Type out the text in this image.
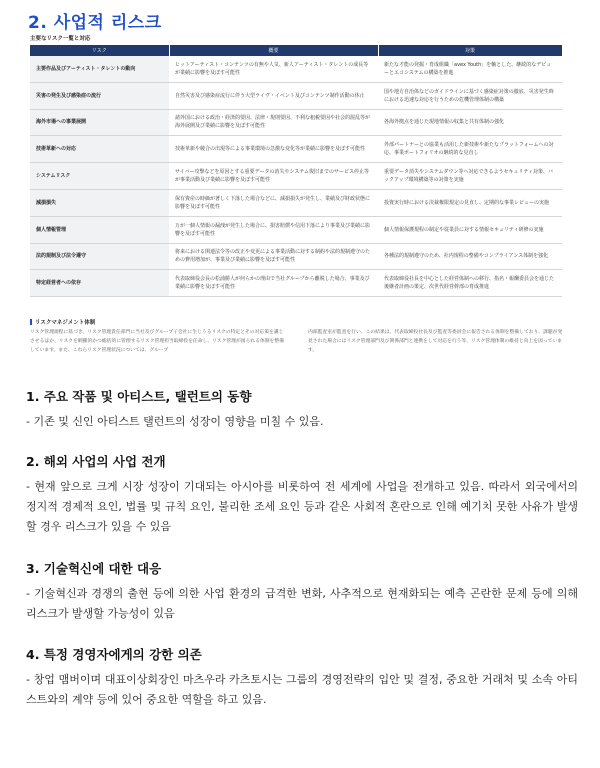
2. 사업적 리스크
主要なリスク一覧と対応
リスク	概要	対策
主要作品及びアーティスト・タレントの動向	ヒットアーティスト・コンテンツの有無や人気、新人アーティスト・タレントの成長等が業績に影響を及ぼす可能性	新たな才能の発掘・育成組織「avex Youth」を軸とした、継続的なデビューとエコシステムの構築を推進
災害の発生及び感染症の流行	自然災害及び感染症流行に伴う大型ライヴ・イベント及びコンテンツ制作活動の休止	国や地方自治体などのガイドラインに基づく感染症対策の徹底、災害発生時における迅速な対応を行うための危機管理体制の構築
海外市場への事業展開	諸外国における政治・経済的要因、法律・規則要因、不利な租税要因や社会的混乱等が海外展開及び業績に影響を及ぼす可能性	各海外拠点を通じた現地情報の収集と共有体制の強化
技術革新への対応	技術革新や競合の出現等による事業環境の急激な変化等が業績に影響を及ぼす可能性	外部パートナーとの協業も活用した新技術や新たなプラットフォームへの対応、事業ポートフォリオの継続的な見直し
システムリスク	サイバー攻撃などを原因とする重要データの消失やシステム復旧までのサービス停止等が事業活動及び業績に影響を及ぼす可能性	重要データ消失やシステムダウン等へ対応できるようセキュリティ対策、バックアップ環境構築等の対策を実施
減損損失	保有資産の時価が著しく下落した場合などに、減損損失が発生し、業績及び財政状態に影響を及ぼす可能性	投資実行時における決裁権限規定の見直し、定期的な事業レビューの実施
個人情報管理	万が一個人情報の漏洩が発生した場合に、損害賠償や信用下落により事業及び業績に影響を及ぼす可能性	個人情報保護規程の制定や従業員に対する情報セキュリティ研修の実施
法的規制及び法令遵守	将来における関連法令等の改正や変更による事業活動に対する制約や法的規制遵守のための費用増加が、事業及び業績に影響を及ぼす可能性	各種法的規制遵守のため、社内規程の整備やコンプライアンス体制を強化
特定経営者への依存	代表取締役会長の松浦勝人が何らかの理由で当社グループから離脱した場合、事業及び業績に影響を及ぼす可能性	代表取締役社長を中心とした経営体制への移行、指名・報酬委員会を通じた後継者計画の策定、次世代経営幹部の育成推進
リスクマネジメント体制
リスク管理規程に基づき、リスク管理責任部門に当社及びグループ子会社に生じうるリスクの特定とその対応策を講じさせるほか、リスクを網羅的かつ総括的に管理するリスク管理担当取締役を任命し、リスク管理が図られる体制を整備しています。また、これらリスク管理状況については、グループ
内部監査室が監査を行い、この結果は、代表取締役社長及び監査等委員会に報告される体制を整備しており、課題が発見された場合にはリスク管理部門及び関係部門と連携をして対応を行う等、リスク管理体制の維持と向上を図っています。
1. 주요 작품 및 아티스트, 탤런트의 동향

- 기존 및 신인 아티스트 탤런트의 성장이 영향을 미칠 수 있음.

2. 해외 사업의 사업 전개

- 현재 앞으로 크게 시장 성장이 기대되는 아시아를 비롯하여 전 세계에 사업을 전개하고 있음. 따라서 외국에서의 정지적 경제적 요인, 법률 및 규칙 요인, 불리한 조세 요인 등과 같은 사회적 혼란으로 인해 예기치 못한 사유가 발생할 경우 리스크가 있을 수 있음

3. 기술혁신에 대한 대응

- 기술혁신과 경쟁의 출현 등에 의한 사업 환경의 급격한 변화, 사추적으로 현재화되는 예측 곤란한 문제 등에 의해 리스크가 발생할 가능성이 있음

4. 특정 경영자에게의 강한 의존

- 창업 맴버이며 대표이상회장인 마츠우라 카츠토시는 그룹의 경영전략의 입안 및 결정, 중요한 거래처 및 소속 아티스트와의 계약 등에 있어 중요한 역할을 하고 있음.
